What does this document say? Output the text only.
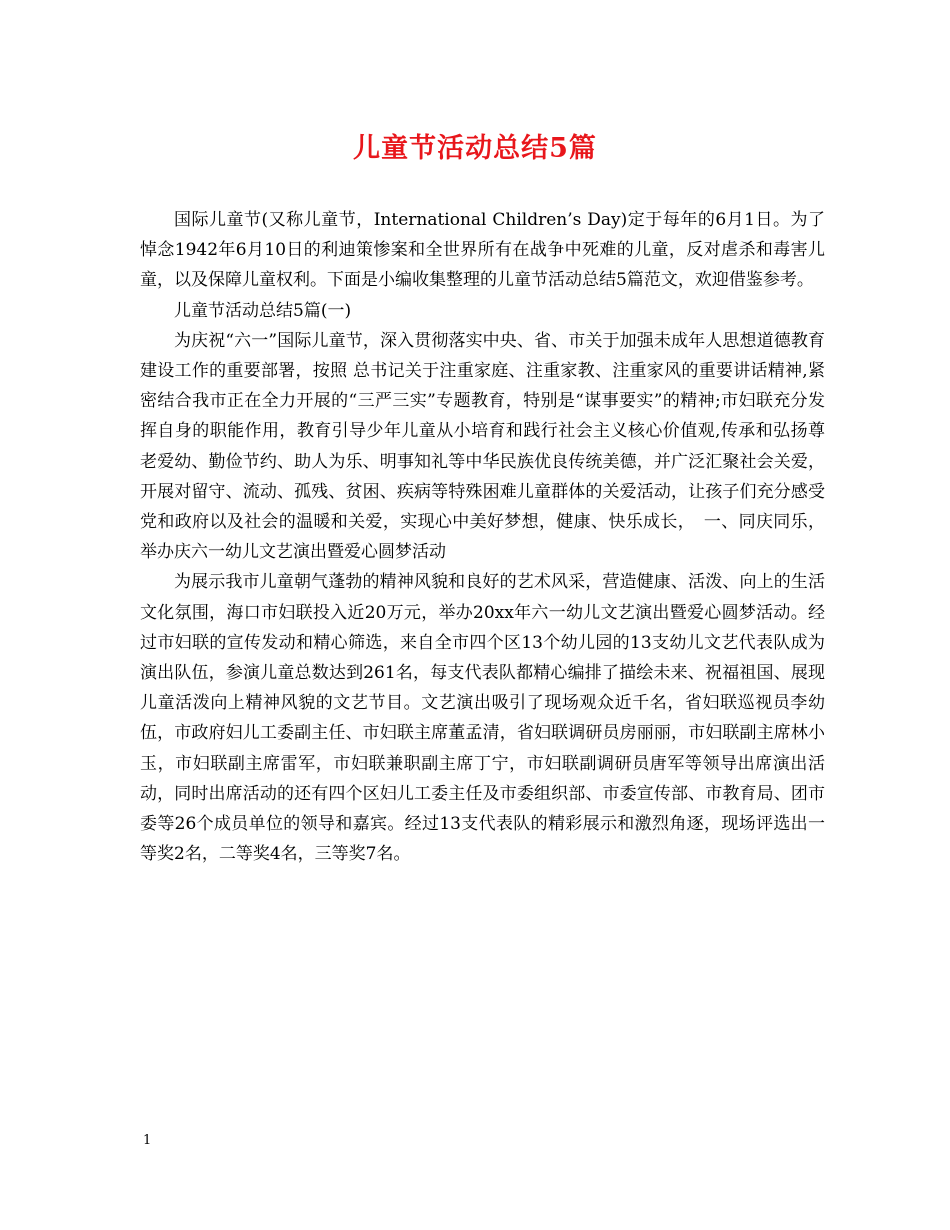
儿童节活动总结5篇

国际儿童节(又称儿童节，International Children’s Day)定于每年的6月1日。为了悼念1942年6月10日的利迪策惨案和全世界所有在战争中死难的儿童，反对虐杀和毒害儿童，以及保障儿童权利。下面是小编收集整理的儿童节活动总结5篇范文，欢迎借鉴参考。

儿童节活动总结5篇(一)

为庆祝“六一”国际儿童节，深入贯彻落实中央、省、市关于加强未成年人思想道德教育建设工作的重要部署，按照 总书记关于注重家庭、注重家教、注重家风的重要讲话精神,紧密结合我市正在全力开展的“三严三实”专题教育，特别是“谋事要实”的精神;市妇联充分发挥自身的职能作用，教育引导少年儿童从小培育和践行社会主义核心价值观,传承和弘扬尊老爱幼、勤俭节约、助人为乐、明事知礼等中华民族优良传统美德，并广泛汇聚社会关爱，开展对留守、流动、孤残、贫困、疾病等特殊困难儿童群体的关爱活动，让孩子们充分感受党和政府以及社会的温暖和关爱，实现心中美好梦想，健康、快乐成长，　一、同庆同乐，举办庆六一幼儿文艺演出暨爱心圆梦活动

为展示我市儿童朝气蓬勃的精神风貌和良好的艺术风采，营造健康、活泼、向上的生活文化氛围，海口市妇联投入近20万元，举办20xx年六一幼儿文艺演出暨爱心圆梦活动。经过市妇联的宣传发动和精心筛选，来自全市四个区13个幼儿园的13支幼儿文艺代表队成为演出队伍，参演儿童总数达到261名，每支代表队都精心编排了描绘未来、祝福祖国、展现儿童活泼向上精神风貌的文艺节目。文艺演出吸引了现场观众近千名，省妇联巡视员李幼伍，市政府妇儿工委副主任、市妇联主席董孟清，省妇联调研员房丽丽，市妇联副主席林小玉，市妇联副主席雷军，市妇联兼职副主席丁宁，市妇联副调研员唐军等领导出席演出活动，同时出席活动的还有四个区妇儿工委主任及市委组织部、市委宣传部、市教育局、团市委等26个成员单位的领导和嘉宾。经过13支代表队的精彩展示和激烈角逐，现场评选出一等奖2名，二等奖4名，三等奖7名。

1
